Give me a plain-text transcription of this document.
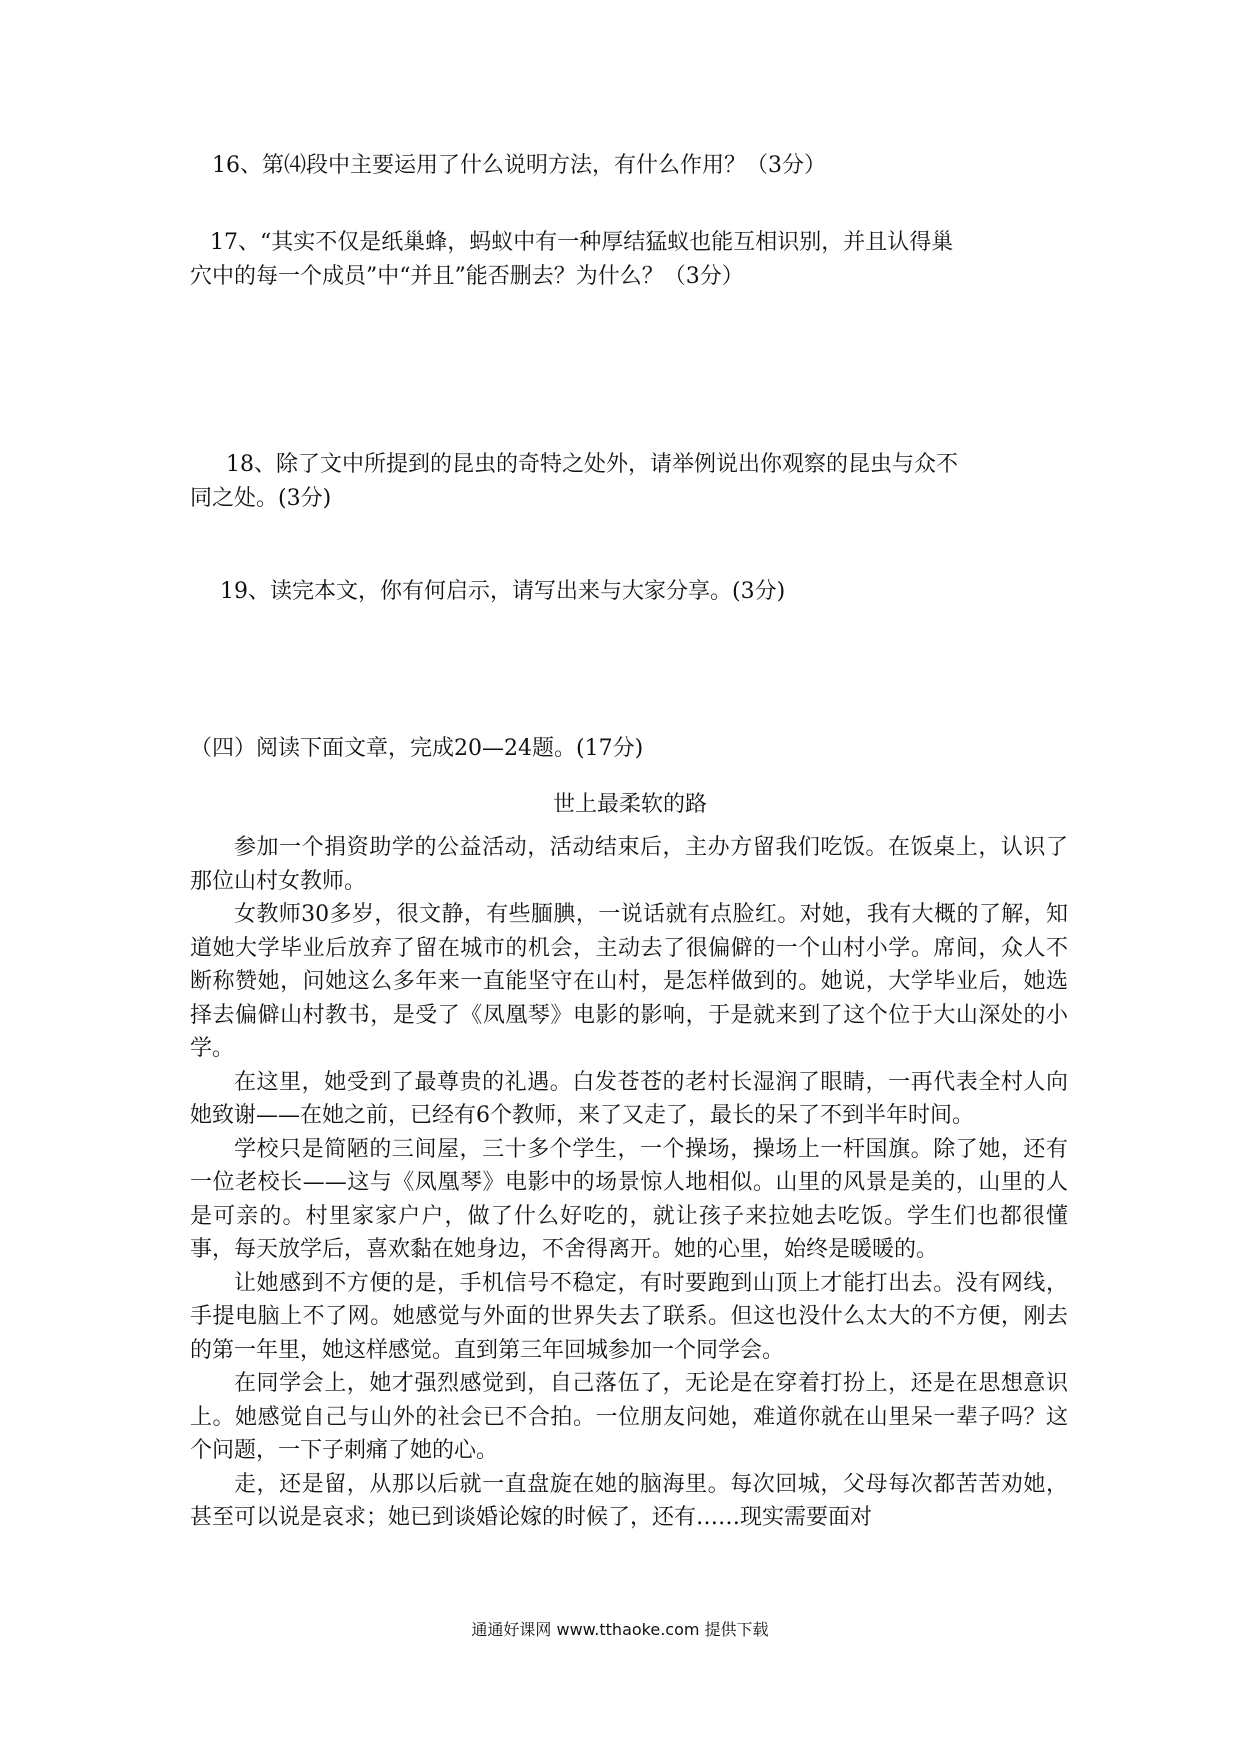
16、第⑷段中主要运用了什么说明方法，有什么作用？（3分）
17、“其实不仅是纸巢蜂，蚂蚁中有一种厚结猛蚁也能互相识别，并且认得巢
穴中的每一个成员”中“并且”能否删去？为什么？（3分）
18、除了文中所提到的昆虫的奇特之处外，请举例说出你观察的昆虫与众不
同之处。(3分)
19、读完本文，你有何启示，请写出来与大家分享。(3分)
（四）阅读下面文章，完成20—24题。(17分)
世上最柔软的路

参加一个捐资助学的公益活动，活动结束后，主办方留我们吃饭。在饭桌上，认识了那位山村女教师。

女教师30多岁，很文静，有些腼腆，一说话就有点脸红。对她，我有大概的了解，知道她大学毕业后放弃了留在城市的机会，主动去了很偏僻的一个山村小学。席间，众人不断称赞她，问她这么多年来一直能坚守在山村，是怎样做到的。她说，大学毕业后，她选择去偏僻山村教书，是受了《凤凰琴》电影的影响，于是就来到了这个位于大山深处的小学。

在这里，她受到了最尊贵的礼遇。白发苍苍的老村长湿润了眼睛，一再代表全村人向她致谢——在她之前，已经有6个教师，来了又走了，最长的呆了不到半年时间。

学校只是简陋的三间屋，三十多个学生，一个操场，操场上一杆国旗。除了她，还有一位老校长——这与《凤凰琴》电影中的场景惊人地相似。山里的风景是美的，山里的人是可亲的。村里家家户户，做了什么好吃的，就让孩子来拉她去吃饭。学生们也都很懂事，每天放学后，喜欢黏在她身边，不舍得离开。她的心里，始终是暖暖的。

让她感到不方便的是，手机信号不稳定，有时要跑到山顶上才能打出去。没有网线，手提电脑上不了网。她感觉与外面的世界失去了联系。但这也没什么太大的不方便，刚去的第一年里，她这样感觉。直到第三年回城参加一个同学会。

在同学会上，她才强烈感觉到，自己落伍了，无论是在穿着打扮上，还是在思想意识上。她感觉自己与山外的社会已不合拍。一位朋友问她，难道你就在山里呆一辈子吗？这个问题，一下子刺痛了她的心。

走，还是留，从那以后就一直盘旋在她的脑海里。每次回城，父母每次都苦苦劝她，甚至可以说是哀求；她已到谈婚论嫁的时候了，还有……现实需要面对

通通好课网 www.tthaoke.com 提供下载
